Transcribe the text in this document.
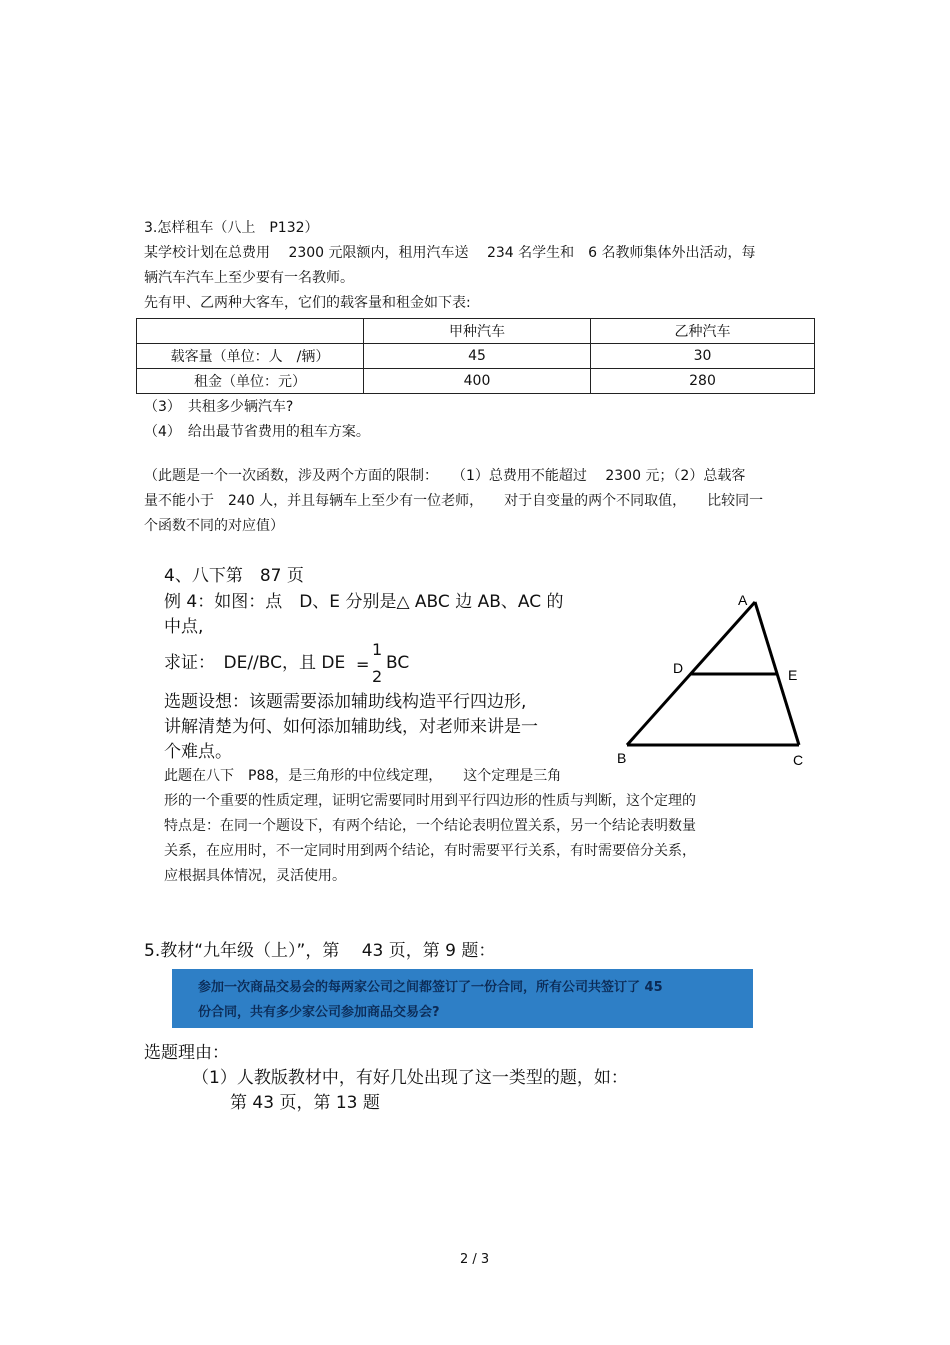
3.怎样租车（八上　P132）
某学校计划在总费用　 2300 元限额内，租用汽车送　 234 名学生和　6 名教师集体外出活动，每
辆汽车汽车上至少要有一名教师。
先有甲、乙两种大客车，它们的载客量和租金如下表:
	甲种汽车	乙种汽车
载客量（单位：人　/辆）	45	30
租金（单位：元）	400	280
（3）　共租多少辆汽车?
（4）　给出最节省费用的租车方案。
（此题是一个一次函数，涉及两个方面的限制：　　（1）总费用不能超过　 2300 元；（2）总载客
量不能小于　240 人，并且每辆车上至少有一位老师，　　对于自变量的两个不同取值，　　比较同一
个函数不同的对应值）
4、八下第　87 页
例 4：如图：点　D、E 分别是△ ABC 边 AB、AC 的
中点,
求证：　DE//BC，且 DE =
1
2
BC
选题设想：该题需要添加辅助线构造平行四边形,
讲解清楚为何、如何添加辅助线，对老师来讲是一
个难点。
此题在八下　P88，是三角形的中位线定理，　　这个定理是三角
形的一个重要的性质定理，证明它需要同时用到平行四边形的性质与判断，这个定理的
特点是：在同一个题设下，有两个结论，一个结论表明位置关系，另一个结论表明数量
关系，在应用时，不一定同时用到两个结论，有时需要平行关系，有时需要倍分关系，
应根据具体情况，灵活使用。
A
B	C
D	E
5.教材“九年级（上）”，第　 43 页，第 9 题：
参加一次商品交易会的每两家公司之间都签订了一份合同，所有公司共签订了 45
份合同，共有多少家公司参加商品交易会?
选题理由：
（1）人教版教材中，有好几处出现了这一类型的题，如：
第 43 页，第 13 题
2 / 3
